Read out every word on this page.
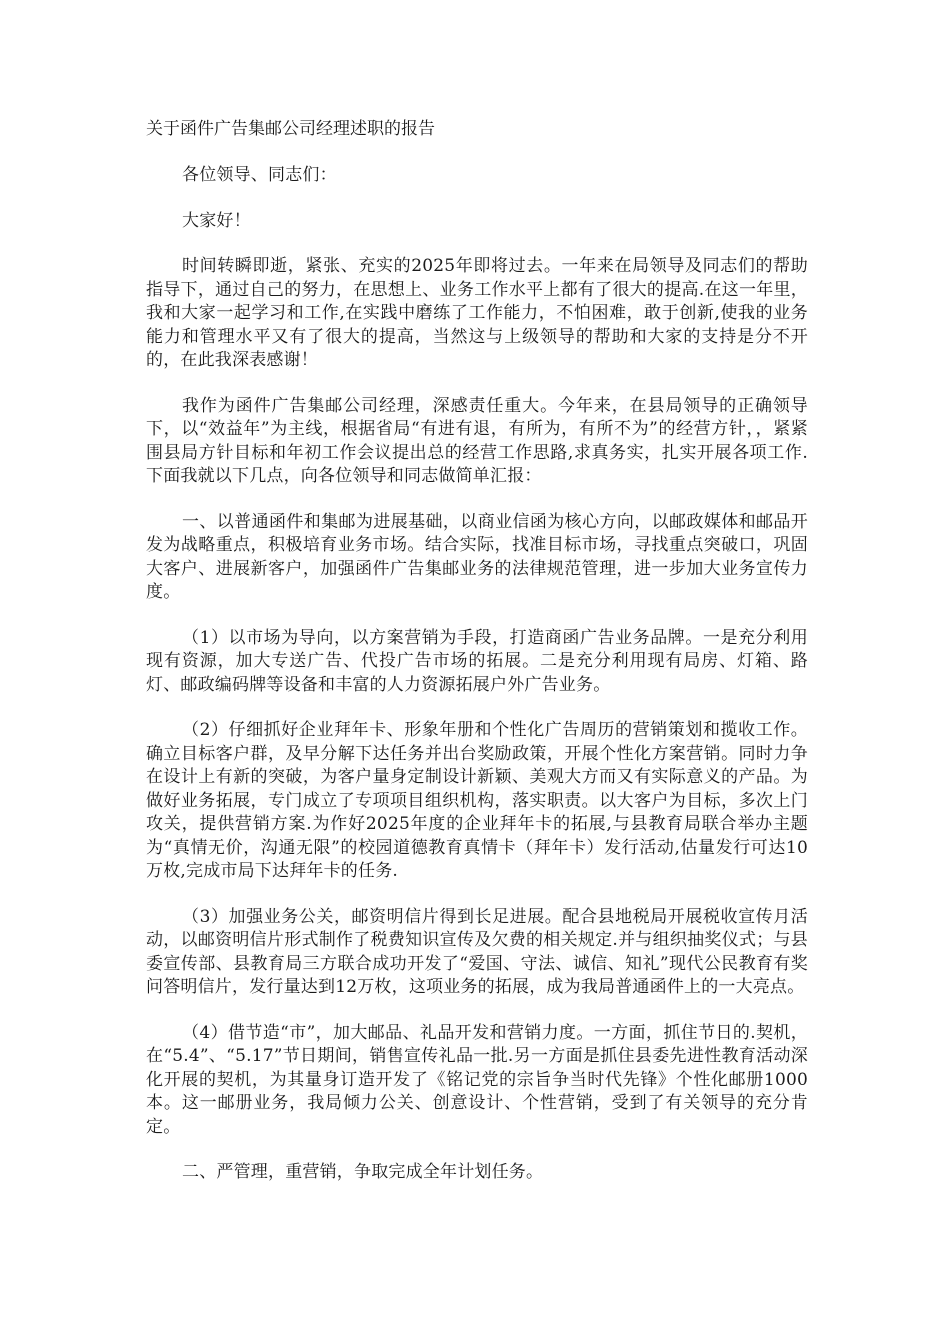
关于函件广告集邮公司经理述职的报告

各位领导、同志们：

大家好！

时间转瞬即逝，紧张、充实的2025年即将过去。一年来在局领导及同志们的帮助指导下，通过自己的努力，在思想上、业务工作水平上都有了很大的提高.在这一年里，我和大家一起学习和工作,在实践中磨练了工作能力，不怕困难，敢于创新,使我的业务能力和管理水平又有了很大的提高，当然这与上级领导的帮助和大家的支持是分不开的，在此我深表感谢！

我作为函件广告集邮公司经理，深感责任重大。今年来，在县局领导的正确领导下，以“效益年”为主线，根据省局“有进有退，有所为，有所不为”的经营方针，，紧紧围县局方针目标和年初工作会议提出总的经营工作思路,求真务实，扎实开展各项工作.下面我就以下几点，向各位领导和同志做简单汇报：

一、以普通函件和集邮为进展基础，以商业信函为核心方向，以邮政媒体和邮品开发为战略重点，积极培育业务市场。结合实际，找准目标市场，寻找重点突破口，巩固大客户、进展新客户，加强函件广告集邮业务的法律规范管理，进一步加大业务宣传力度。

（1）以市场为导向，以方案营销为手段，打造商函广告业务品牌。一是充分利用现有资源，加大专送广告、代投广告市场的拓展。二是充分利用现有局房、灯箱、路灯、邮政编码牌等设备和丰富的人力资源拓展户外广告业务。

（2）仔细抓好企业拜年卡、形象年册和个性化广告周历的营销策划和揽收工作。确立目标客户群，及早分解下达任务并出台奖励政策，开展个性化方案营销。同时力争在设计上有新的突破，为客户量身定制设计新颖、美观大方而又有实际意义的产品。为做好业务拓展，专门成立了专项项目组织机构，落实职责。以大客户为目标，多次上门攻关，提供营销方案.为作好2025年度的企业拜年卡的拓展,与县教育局联合举办主题为“真情无价，沟通无限”的校园道德教育真情卡（拜年卡）发行活动,估量发行可达10万枚,完成市局下达拜年卡的任务.

（3）加强业务公关，邮资明信片得到长足进展。配合县地税局开展税收宣传月活动，以邮资明信片形式制作了税费知识宣传及欠费的相关规定.并与组织抽奖仪式；与县委宣传部、县教育局三方联合成功开发了“爱国、守法、诚信、知礼”现代公民教育有奖问答明信片，发行量达到12万枚，这项业务的拓展，成为我局普通函件上的一大亮点。

（4）借节造“市”，加大邮品、礼品开发和营销力度。一方面，抓住节日的.契机，在“5.4”、“5.17”节日期间，销售宣传礼品一批.另一方面是抓住县委先进性教育活动深化开展的契机，为其量身订造开发了《铭记党的宗旨争当时代先锋》个性化邮册1000本。这一邮册业务，我局倾力公关、创意设计、个性营销，受到了有关领导的充分肯定。

二、严管理，重营销，争取完成全年计划任务。
